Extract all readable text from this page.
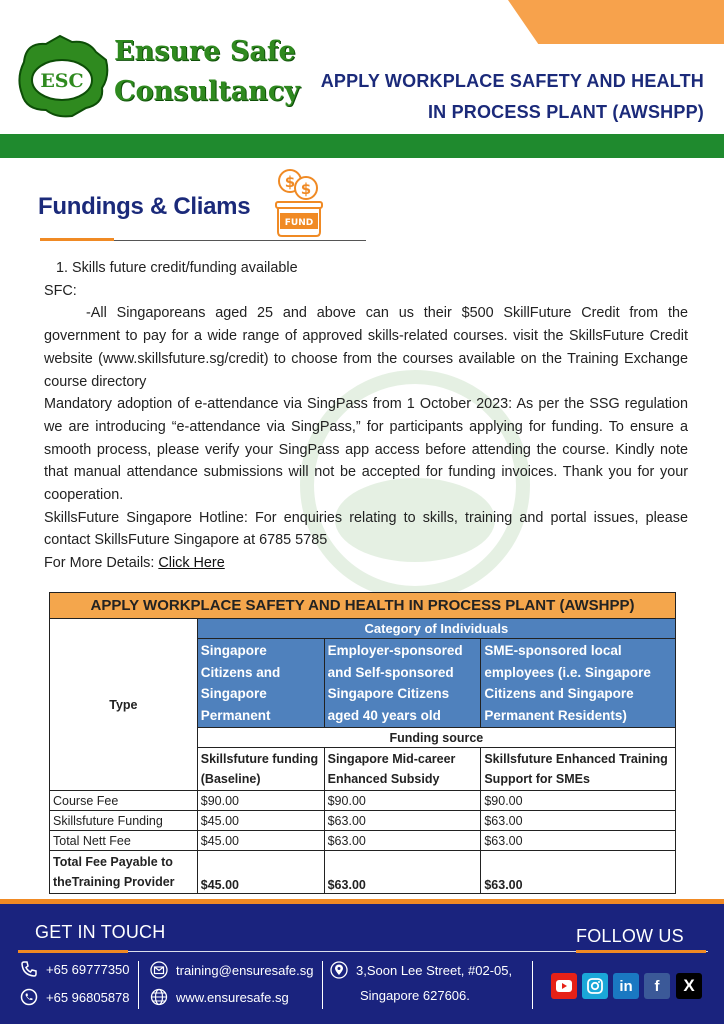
ESC
Ensure Safe
Consultancy APPLY WORKPLACE SAFETY AND HEALTH
IN PROCESS PLANT (AWSHPP)
Fundings & Cliams
$ $
FUND

1. Skills future credit/funding available

SFC:

-All Singaporeans aged 25 and above can us their $500 SkillFuture Credit from the government to pay for a wide range of approved skills-related courses. visit the SkillsFuture Credit website (www.skillsfuture.sg/credit) to choose from the courses available on the Training Exchange course directory

Mandatory adoption of e-attendance via SingPass from 1 October 2023: As per the SSG regulation we are introducing “e-attendance via SingPass,” for participants applying for funding. To ensure a smooth process, please verify your SingPass app access before attending the course. Kindly note that manual attendance submissions will not be accepted for funding invoices. Thank you for your cooperation.

SkillsFuture Singapore Hotline: For enquiries relating to skills, training and portal issues, please contact SkillsFuture Singapore at 6785 5785

For More Details: Click Here

APPLY WORKPLACE SAFETY AND HEALTH IN PROCESS PLANT (AWSHPP)			
Type	Category of Individuals		
	Singapore Citizens and Singapore Permanent	Employer-sponsored and Self-sponsored Singapore Citizens aged 40 years old	SME-sponsored local employees (i.e. Singapore Citizens and Singapore Permanent Residents)
	Funding source		
	Skillsfuture funding (Baseline)	Singapore Mid-career Enhanced Subsidy	Skillsfuture Enhanced Training Support for SMEs
Course Fee	$90.00	$90.00	$90.00
Skillsfuture Funding	$45.00	$63.00	$63.00
Total Nett Fee	$45.00	$63.00	$63.00
Total Fee Payable to theTraining Provider	$45.00	$63.00	$63.00
GET IN TOUCH	FOLLOW US
+65 69777350
+65 96805878
training@ensuresafe.sg
www.ensuresafe.sg
3,Soon Lee Street, #02-05,
Singapore 627606.
in	f	X
